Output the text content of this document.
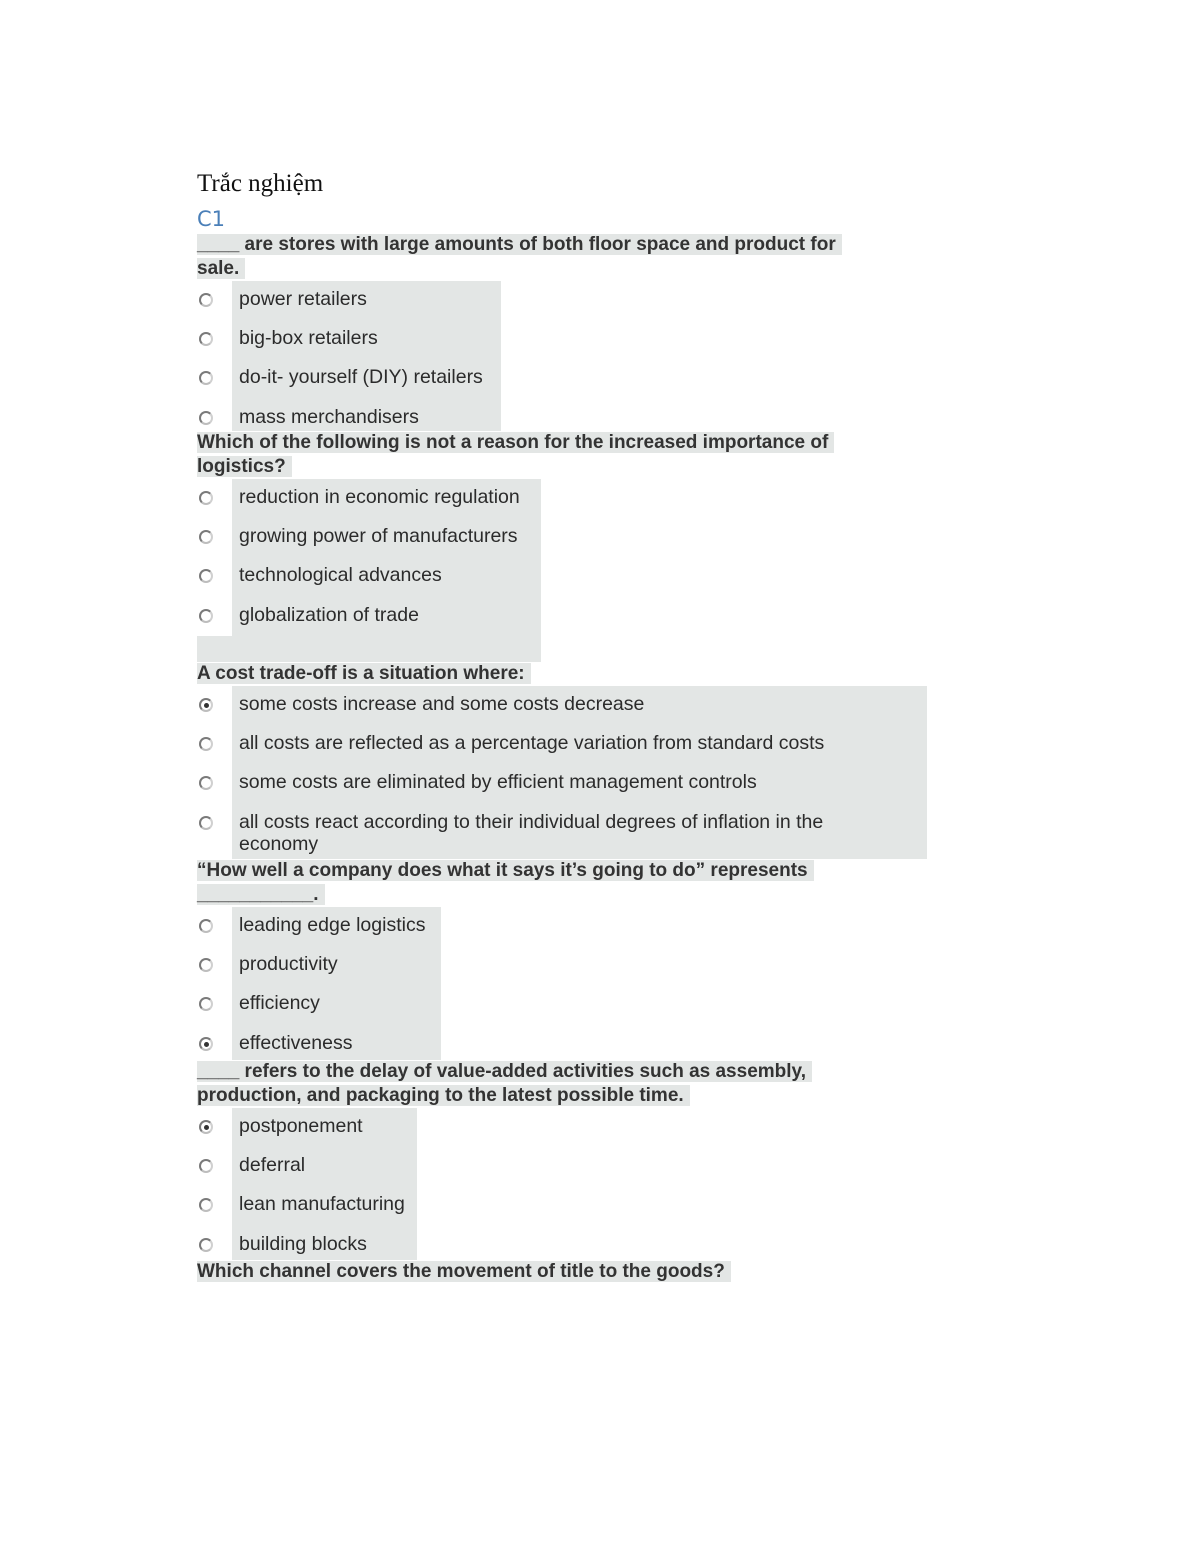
Trắc nghiệm
C1
____ are stores with large amounts of both floor space and product for
sale.
power retailers
big-box retailers
do-it- yourself (DIY) retailers
mass merchandisers
Which of the following is not a reason for the increased importance of
logistics?
reduction in economic regulation
growing power of manufacturers
technological advances
globalization of trade
A cost trade-off is a situation where:
some costs increase and some costs decrease
all costs are reflected as a percentage variation from standard costs
some costs are eliminated by efficient management controls
all costs react according to their individual degrees of inflation in the
economy
“How well a company does what it says it’s going to do” represents
___________.
leading edge logistics
productivity
efficiency
effectiveness
____ refers to the delay of value-added activities such as assembly,
production, and packaging to the latest possible time.
postponement
deferral
lean manufacturing
building blocks
Which channel covers the movement of title to the goods?
